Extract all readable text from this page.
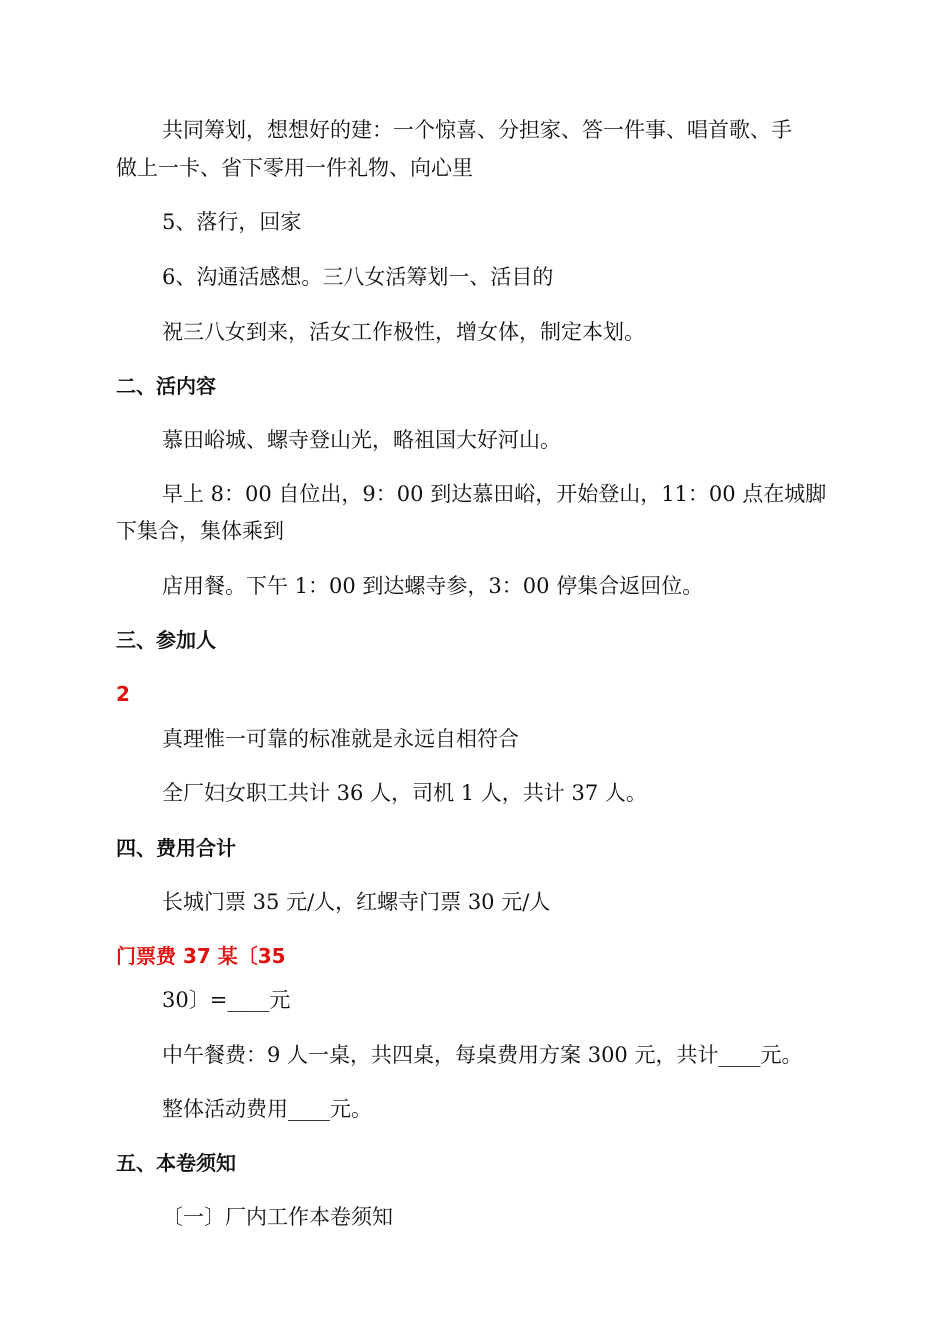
共同筹划，想想好的建：一个惊喜、分担家、答一件事、唱首歌、手
做上一卡、省下零用一件礼物、向心里
5、落行，回家
6、沟通活感想。三八女活筹划一、活目的
祝三八女到来，活女工作极性，增女体，制定本划。
二、活内容
慕田峪城、螺寺登山光，略祖国大好河山。
早上 8：00 自位出，9：00 到达慕田峪，开始登山，11：00 点在城脚
下集合，集体乘到
店用餐。下午 1：00 到达螺寺参，3：00 停集合返回位。
三、参加人
2
真理惟一可靠的标准就是永远自相符合
全厂妇女职工共计 36 人，司机 1 人，共计 37 人。
四、费用合计
长城门票 35 元/人，红螺寺门票 30 元/人
门票费 37 某〔35
30〕=____元
中午餐费：9 人一桌，共四桌，每桌费用方案 300 元，共计____元。
整体活动费用____元。
五、本卷须知
〔一〕厂内工作本卷须知
